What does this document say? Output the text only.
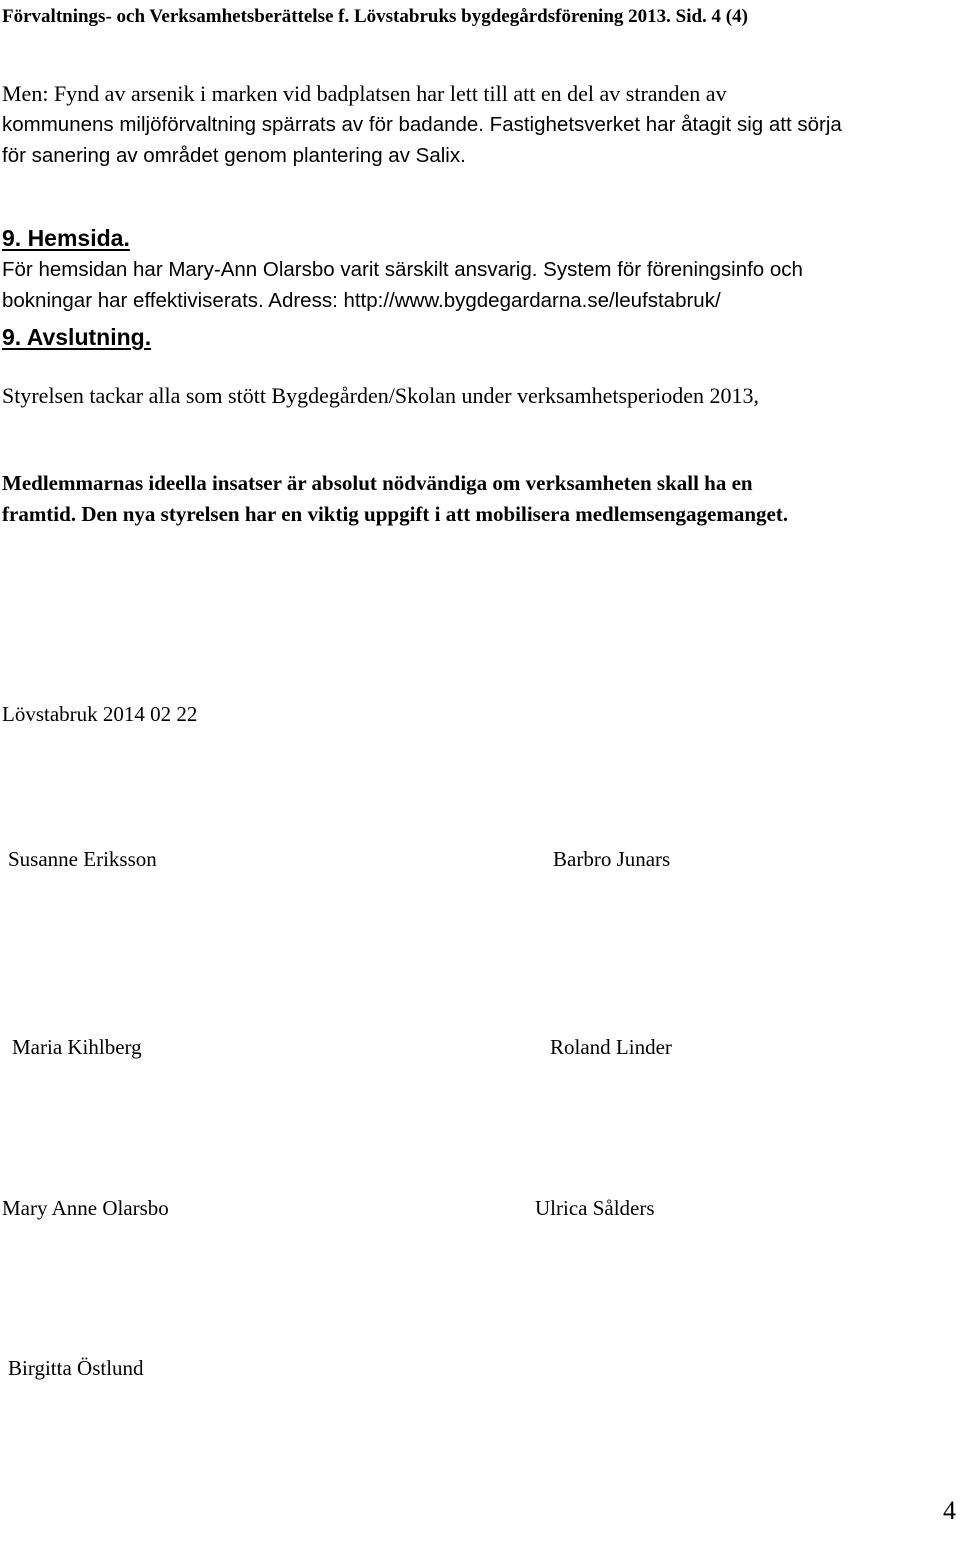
Förvaltnings- och Verksamhetsberättelse f. Lövstabruks bygdegårdsförening 2013. Sid. 4 (4)
Men: Fynd av arsenik i marken vid badplatsen har lett till att en del av stranden av
kommunens miljöförvaltning spärrats av för badande. Fastighetsverket har åtagit sig att sörja
för sanering av området genom plantering av Salix.
9. Hemsida.
För hemsidan har Mary-Ann Olarsbo varit särskilt ansvarig. System för föreningsinfo och
bokningar har effektiviserats. Adress: http://www.bygdegardarna.se/leufstabruk/
9. Avslutning.
Styrelsen tackar alla som stött Bygdegården/Skolan under verksamhetsperioden 2013,
Medlemmarnas ideella insatser är absolut nödvändiga om verksamheten skall ha en
framtid. Den nya styrelsen har en viktig uppgift i att mobilisera medlemsengagemanget.
Lövstabruk 2014 02 22
Susanne Eriksson	Barbro Junars
Maria Kihlberg	Roland Linder
Mary Anne Olarsbo	Ulrica Sålders
Birgitta Östlund
4
